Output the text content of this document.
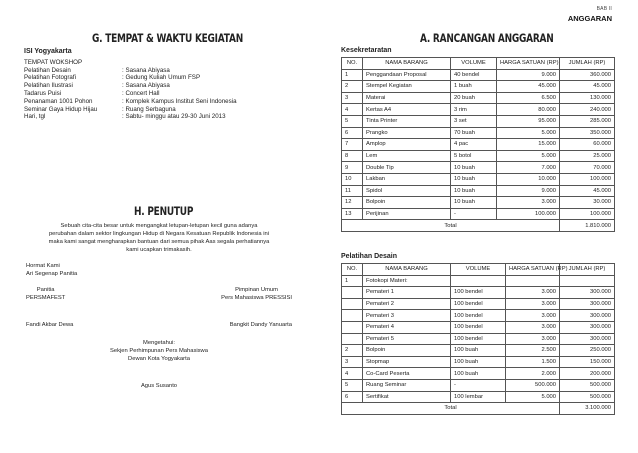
BAB II
ANGGARAN
G. TEMPAT & WAKTU KEGIATAN	A. RANCANGAN ANGGARAN
H. PENUTUP
ISI Yogyakarta
TEMPAT WOKSHOP
Pelatihan Desain	: Sasana Abiyasa
Pelatihan Fotografi	: Gedung Kuliah Umum FSP
Pelatihan Ilustrasi	: Sasana Abiyasa
Tadarus Puisi	: Concert Hall
Penanaman 1001 Pohon	: Komplek Kampus Institut Seni Indonesia
Seminar Gaya Hidup Hijau	: Ruang Serbaguna
Hari, tgl	: Sabtu- minggu atau 29-30 Juni 2013
Sebuah cita-cita besar untuk mengangkat letupan-letupan kecil guna adanya
perubahan dalam sektor lingkungan Hidup di Negara Kesatuan Republik Indonesia ini
maka kami sangat mengharapkan bantuan dari semua pihak Aas segala perhatiannya
kami ucapkan trimakasih.
Hormat Kami
Ari Segenap Panitia
Panitia
PERSMAFEST
Pimpinan Umum
Pers Mahasiswa PRESSISI
Fandi Akbar Dewa	Bangkit Dandy Yanuarta
Mengetahui:
Sekjen Perhimpunan Pers Mahasiswa
Dewan Kota Yogyakarta
Agus Susanto
Kesekretaratan
NO.	NAMA BARANG	VOLUME	HARGA SATUAN (RP)	JUMLAH (RP)
1	Penggandaan Proposal	40 bendel	9.000	360.000
2	Stempel Kegiatan	1 buah	45.000	45.000
3	Materai	20 buah	6.500	130.000
4	Kertas A4	3 rim	80.000	240.000
5	Tinta Printer	3 set	95.000	285.000
6	Prangko	70 buah	5.000	350.000
7	Amplop	4 pac	15.000	60.000
8	Lem	5 botol	5.000	25.000
9	Double Tip	10 buah	7.000	70.000
10	Lakban	10 buah	10.000	100.000
11	Spidol	10 buah	9.000	45.000
12	Bolpoin	10 buah	3.000	30.000
13	Perijinan	-	100.000	100.000
Total				1.810.000
Pelatihan Desain
NO.	NAMA BARANG	VOLUME	HARGA SATUAN (RP)	JUMLAH (RP)
1	Fotokopi Materi:			
	Pemateri 1	100 bendel	3.000	300.000
	Pemateri 2	100 bendel	3.000	300.000
	Pemateri 3	100 bendel	3.000	300.000
	Pemateri 4	100 bendel	3.000	300.000
	Pemateri 5	100 bendel	3.000	300.000
2	Bolpoin	100 buah	2.500	250.000
3	Stopmap	100 buah	1.500	150.000
4	Co-Card Peserta	100 buah	2.000	200.000
5	Ruang Seminar	-	500.000	500.000
6	Sertifikat	100 lembar	5.000	500.000
Total				3.100.000
